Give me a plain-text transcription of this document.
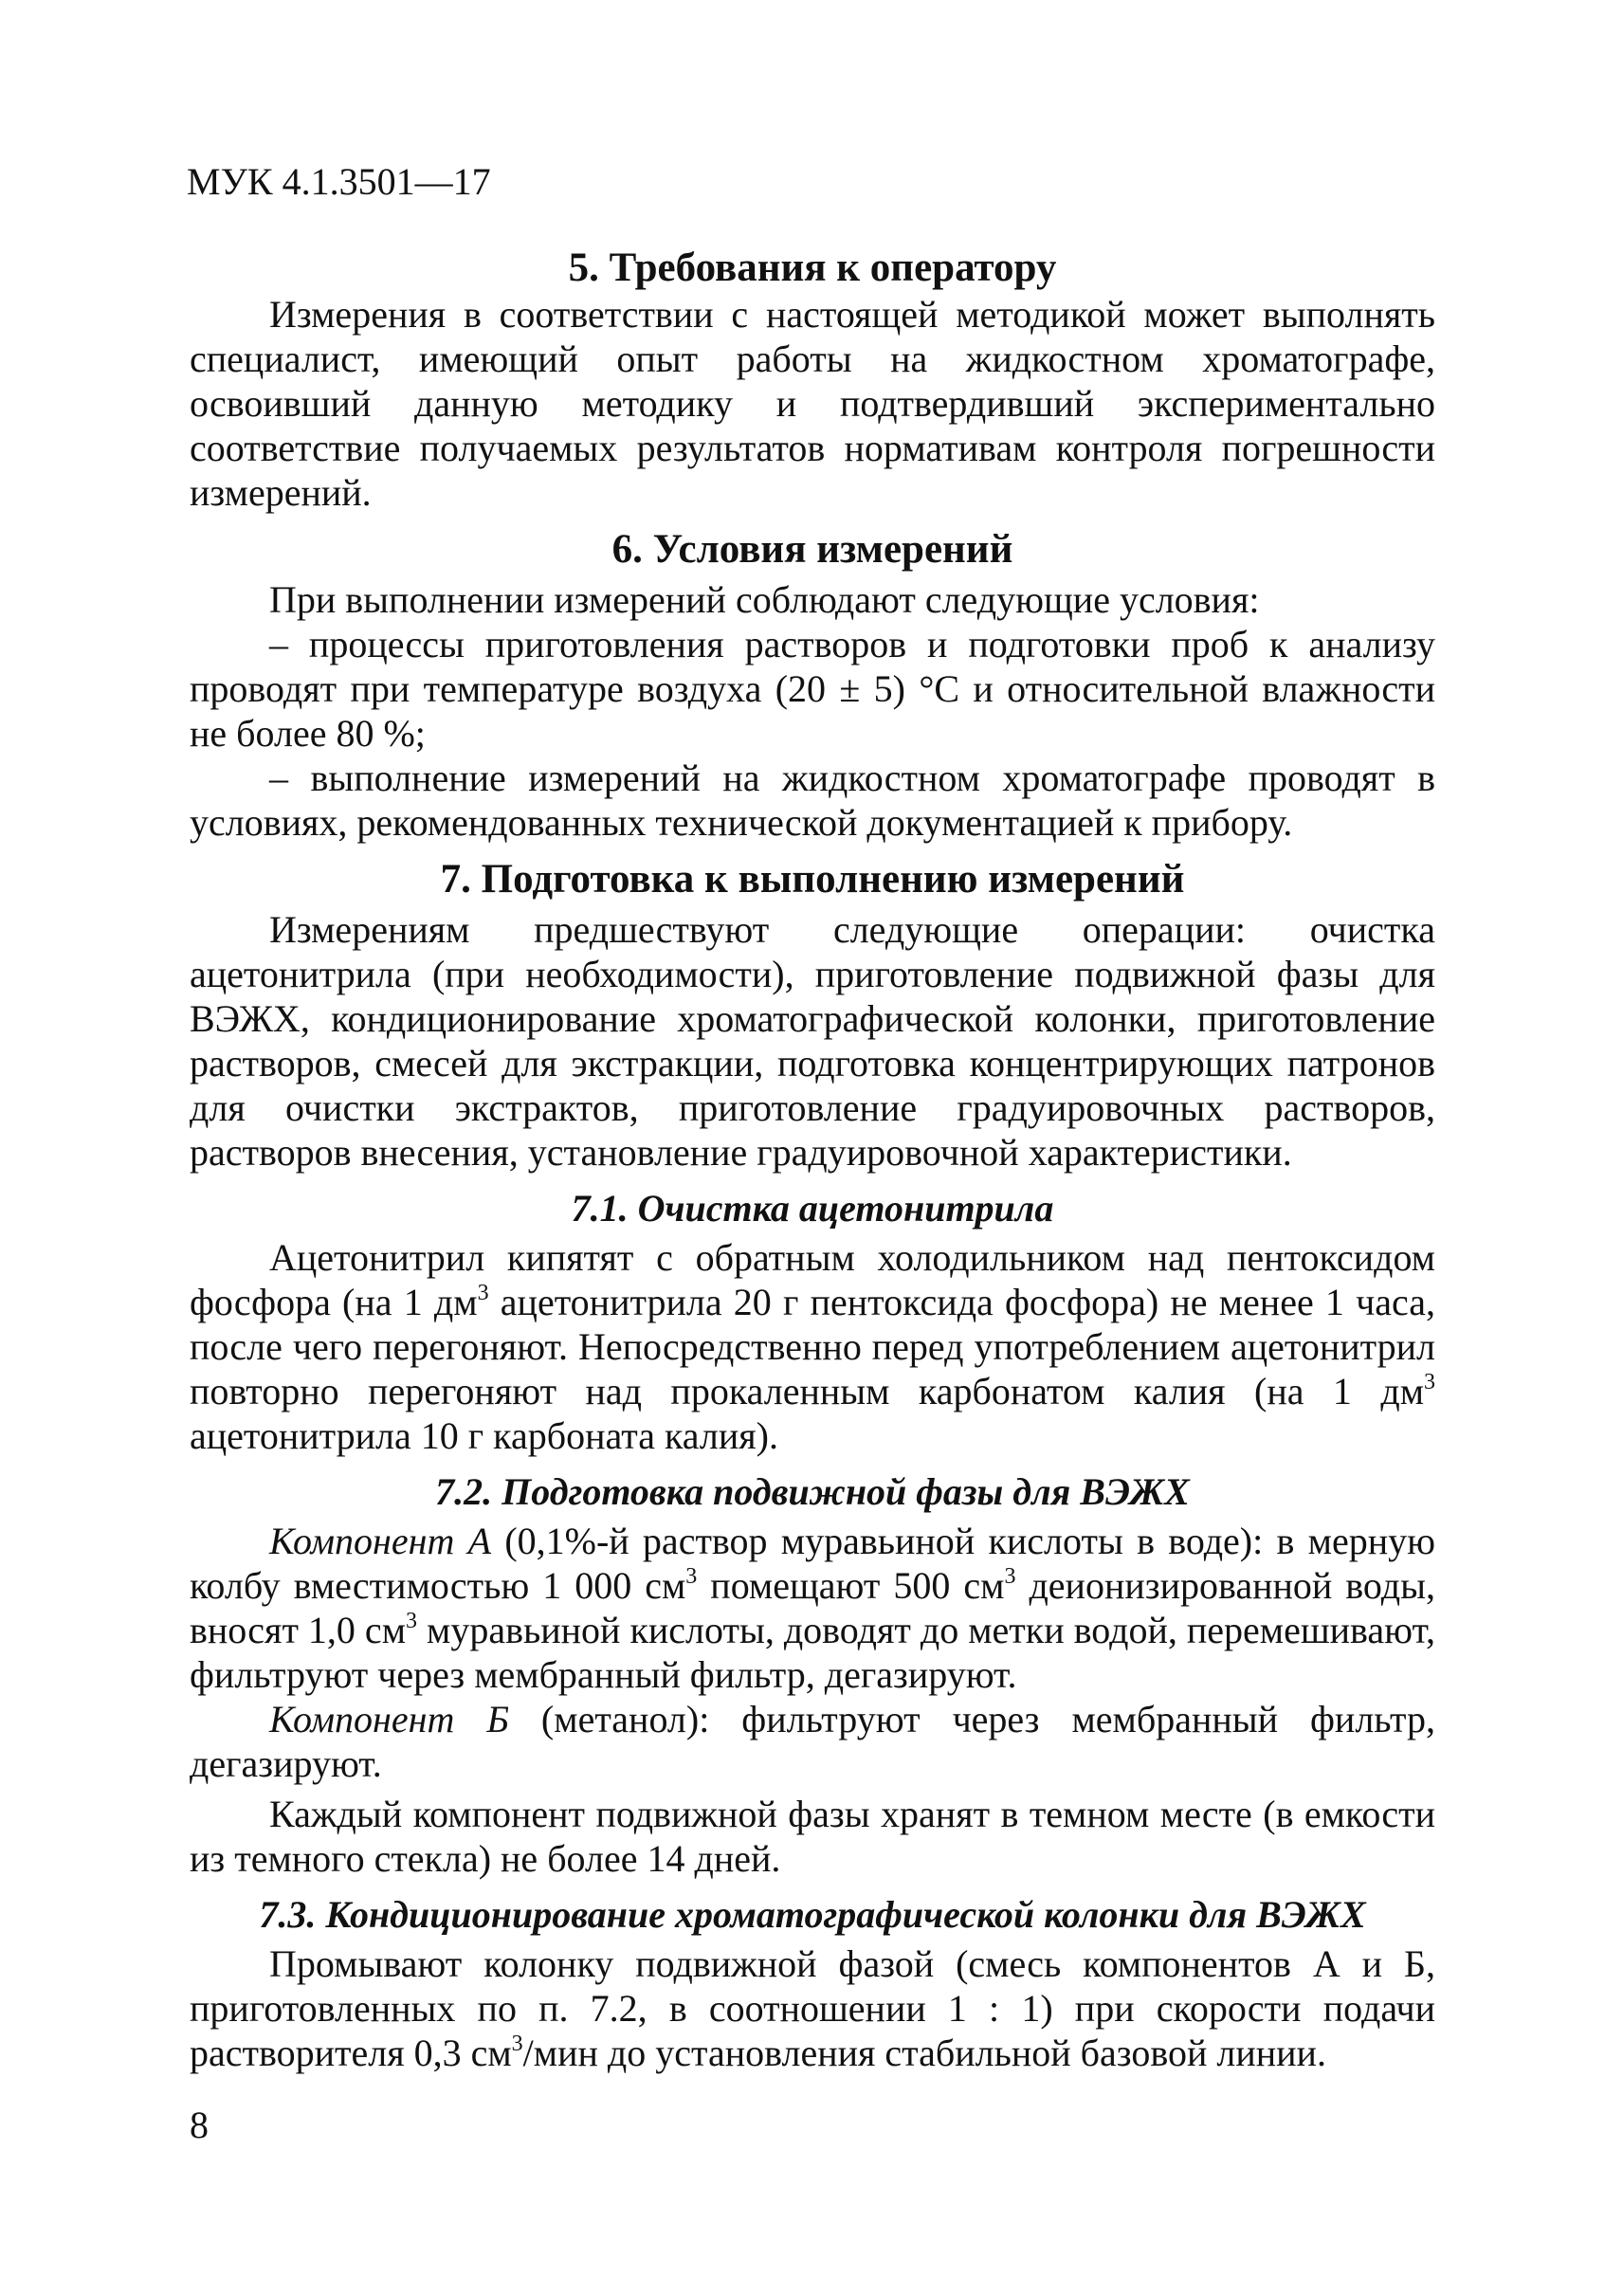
МУК 4.1.3501—17
5. Требования к оператору

Измерения в соответствии с настоящей методикой может выполнять специалист, имеющий опыт работы на жидкостном хроматографе, освоивший данную методику и подтвердивший экспериментально соответствие получаемых результатов нормативам контроля погрешности измерений.

6. Условия измерений

При выполнении измерений соблюдают следующие условия:

– процессы приготовления растворов и подготовки проб к анализу проводят при температуре воздуха (20 ± 5) °С и относительной влажности не более 80 %;

– выполнение измерений на жидкостном хроматографе проводят в условиях, рекомендованных технической документацией к прибору.

7. Подготовка к выполнению измерений

Измерениям предшествуют следующие операции: очистка ацетонитрила (при необходимости), приготовление подвижной фазы для ВЭЖХ, кондиционирование хроматографической колонки, приготовление растворов, смесей для экстракции, подготовка концентрирующих патронов для очистки экстрактов, приготовление градуировочных растворов, растворов внесения, установление градуировочной характеристики.

7.1. Очистка ацетонитрила

Ацетонитрил кипятят с обратным холодильником над пентоксидом фосфора (на 1 $дм^3$ ацетонитрила 20 г пентоксида фосфора) не менее 1 часа, после чего перегоняют. Непосредственно перед употреблением ацетонитрил повторно перегоняют над прокаленным карбонатом калия (на 1 $дм^3$ ацетонитрила 10 г карбоната калия).

7.2. Подготовка подвижной фазы для ВЭЖХ

Компонент А (0,1%-й раствор муравьиной кислоты в воде): в мерную колбу вместимостью 1 000 $см^3$ помещают 500 $см^3$ деионизированной воды, вносят 1,0 $см^3$ муравьиной кислоты, доводят до метки водой, перемешивают, фильтруют через мембранный фильтр, дегазируют.

Компонент Б (метанол): фильтруют через мембранный фильтр, дегазируют.

Каждый компонент подвижной фазы хранят в темном месте (в емкости из темного стекла) не более 14 дней.

7.3. Кондиционирование хроматографической колонки для ВЭЖХ

Промывают колонку подвижной фазой (смесь компонентов А и Б, приготовленных по п. 7.2, в соотношении 1 : 1) при скорости подачи растворителя 0,3 $см^3$/мин до установления стабильной базовой линии.

8
